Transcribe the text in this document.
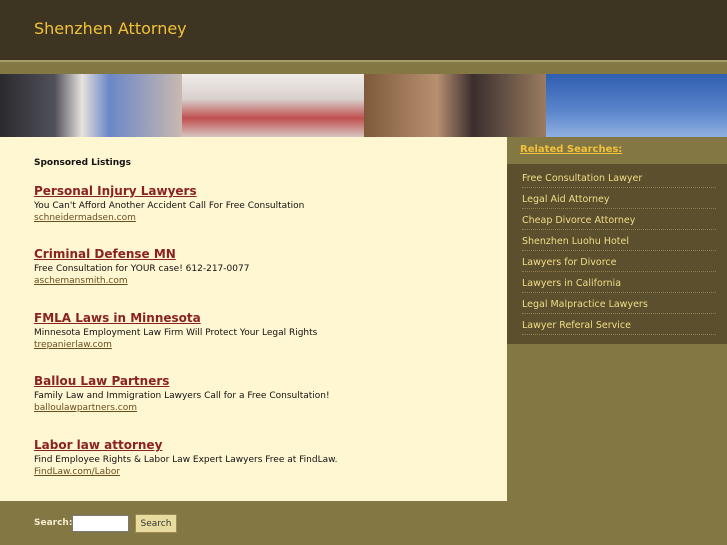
Shenzhen Attorney
Sponsored Listings
Personal Injury Lawyers
You Can't Afford Another Accident Call For Free Consultation
schneidermadsen.com
Criminal Defense MN
Free Consultation for YOUR case! 612-217-0077
aschemansmith.com
FMLA Laws in Minnesota
Minnesota Employment Law Firm Will Protect Your Legal Rights
trepanierlaw.com
Ballou Law Partners
Family Law and Immigration Lawyers Call for a Free Consultation!
balloulawpartners.com
Labor law attorney
Find Employee Rights & Labor Law Expert Lawyers Free at FindLaw.
FindLaw.com/Labor
Related Searches:
Free Consultation Lawyer
Legal Aid Attorney
Cheap Divorce Attorney
Shenzhen Luohu Hotel
Lawyers for Divorce
Lawyers in California
Legal Malpractice Lawyers
Lawyer Referal Service
Search:	Search
